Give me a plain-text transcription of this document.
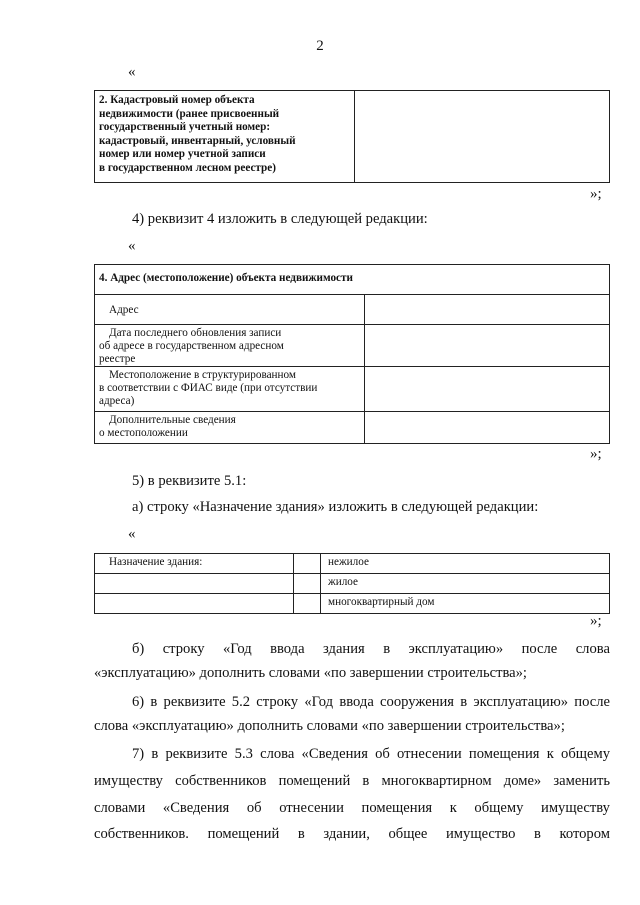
2
«
2. Кадастровый номер объекта
недвижимости (ранее присвоенный
государственный учетный номер:
кадастровый, инвентарный, условный
номер или номер учетной записи
в государственном лесном реестре)

»;
4) реквизит 4 изложить в следующей редакции:
«
4. Адрес (местоположение) объекта недвижимости	

Адрес	

Дата последнего обновления записи
об адресе в государственном адресном
реестре	

Местоположение в структурированном
в соответствии с ФИАС виде (при отсутствии
адреса)	

Дополнительные сведения
о местоположении	

»;
5) в реквизите 5.1:
а) строку «Назначение здания» изложить в следующей редакции:
«
Назначение здания:		нежилое
		жилое
		многоквартирный дом
»;
б) строку «Год ввода здания в эксплуатацию» после слова
«эксплуатацию» дополнить словами «по завершении строительства»;
6) в реквизите 5.2 строку «Год ввода сооружения в эксплуатацию» после
слова «эксплуатацию» дополнить словами «по завершении строительства»;
7) в реквизите 5.3 слова «Сведения об отнесении помещения к общему
имуществу собственников помещений в многоквартирном доме» заменить
словами «Сведения об отнесении помещения к общему имуществу
собственников. помещений в здании, общее имущество в котором
